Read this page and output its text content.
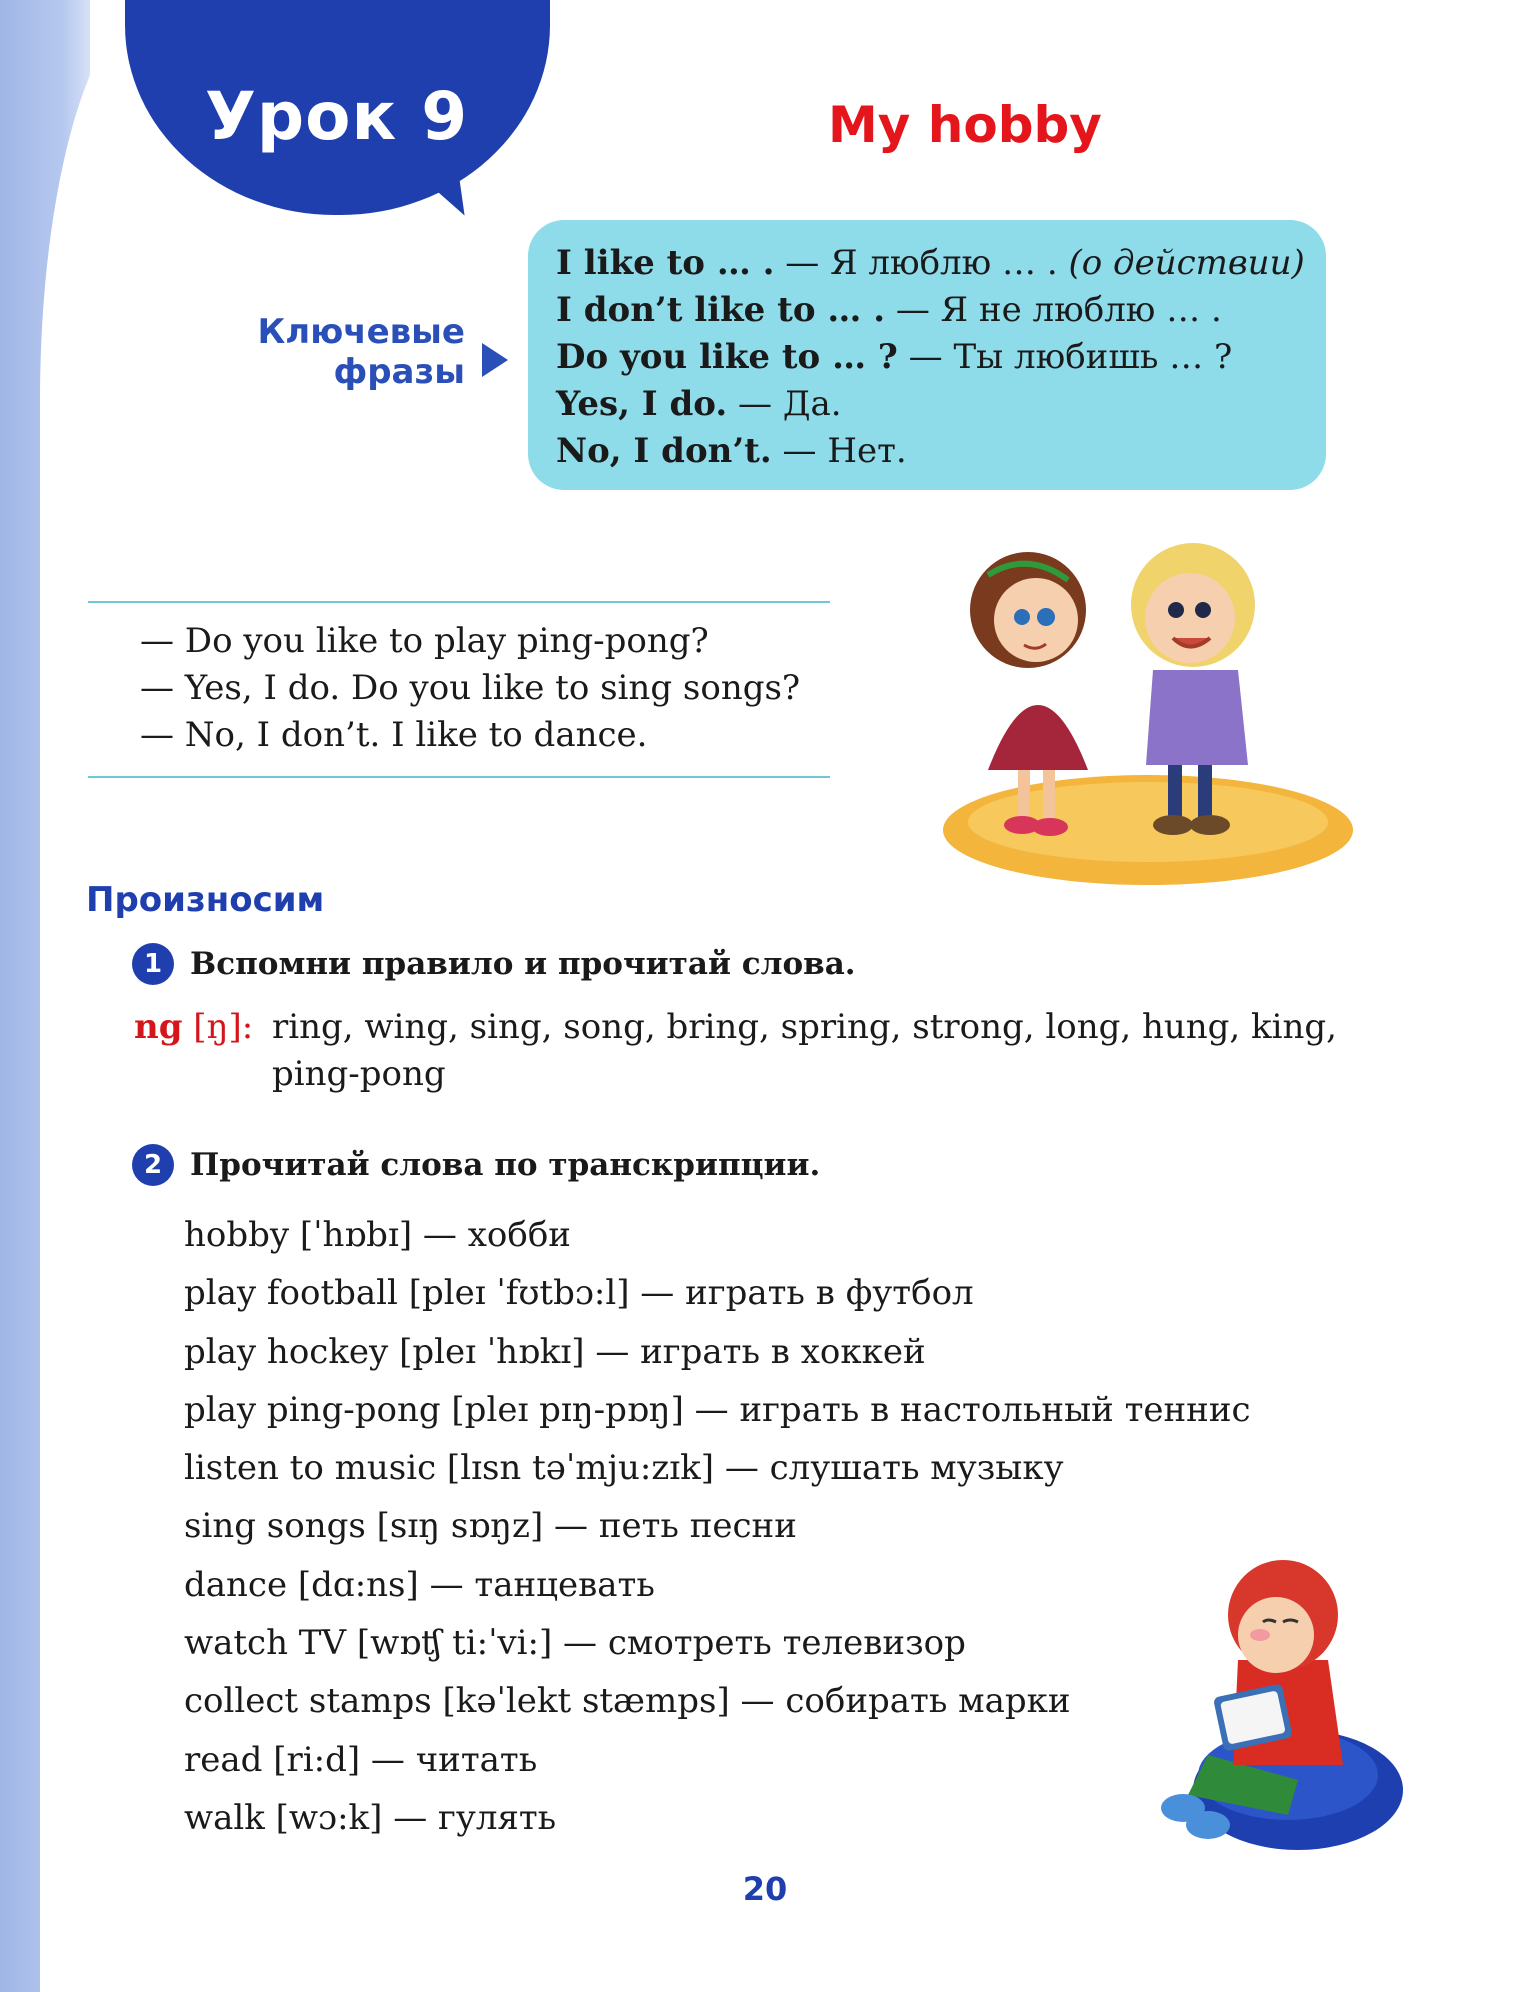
Урок 9	My hobby
Ключевые
фразы
I like to … . — Я люблю … . (о действии)
I don’t like to … . — Я не люблю … .
Do you like to … ? — Ты любишь … ?
Yes, I do. — Да.
No, I don’t. — Нет.
— Do you like to play ping-pong?
— Yes, I do. Do you like to sing songs?
— No, I don’t. I like to dance.
Произносим
1 Вспомни правило и прочитай слова.
ng [ŋ]: ring, wing, sing, song, bring, spring, strong, long, hung, king,
ping-pong
2 Прочитай слова по транскрипции.
hobby [ˈhɒbɪ] — хобби
play football [pleɪ ˈfʊtbɔ:l] — играть в футбол
play hockey [pleɪ ˈhɒkɪ] — играть в хоккей
play ping-pong [pleɪ pɪŋ-pɒŋ] — играть в настольный теннис
listen to music [lɪsn təˈmju:zɪk] — слушать музыку
sing songs [sɪŋ sɒŋz] — петь песни
dance [dɑ:ns] — танцевать
watch TV [wɒʧ ti:ˈvi:] — смотреть телевизор
collect stamps [kəˈlekt stæmps] — собирать марки
read [ri:d] — читать
walk [wɔ:k] — гулять
20
